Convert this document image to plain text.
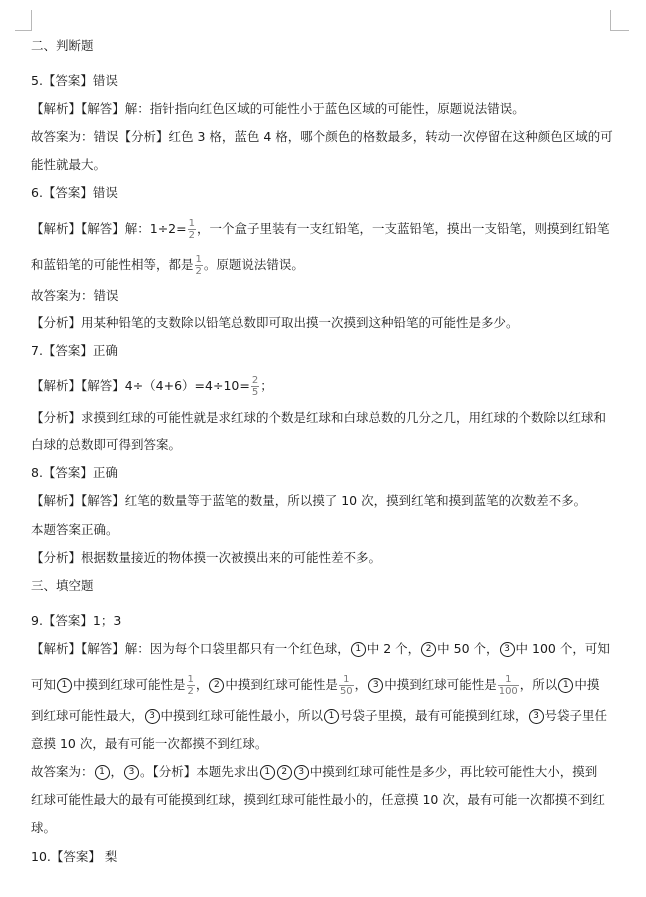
二、判断题
5.【答案】错误
【解析】【解答】解：指针指向红色区域的可能性小于蓝色区域的可能性，原题说法错误。
故答案为：错误【分析】红色 3 格，蓝色 4 格，哪个颜色的格数最多，转动一次停留在这种颜色区域的可
能性就最大。
6.【答案】错误
【解析】【解答】解：$1\div 2= \frac{1}{2}$ ，一个盒子里装有一支红铅笔，一支蓝铅笔，摸出一支铅笔，则摸到红铅笔
和蓝铅笔的可能性相等，都是 $\frac{1}{2}$ 。原题说法错误。
故答案为：错误
【分析】用某种铅笔的支数除以铅笔总数即可取出摸一次摸到这种铅笔的可能性是多少。
7.【答案】正确
【解析】【解答】$4\div(4+6)=4\div 10= \frac{2}{5}$ ；
【分析】求摸到红球的可能性就是求红球的个数是红球和白球总数的几分之几，用红球的个数除以红球和
白球的总数即可得到答案。
8.【答案】正确
【解析】【解答】红笔的数量等于蓝笔的数量，所以摸了 10 次，摸到红笔和摸到蓝笔的次数差不多。
本题答案正确。
【分析】根据数量接近的物体摸一次被摸出来的可能性差不多。
三、填空题
9.【答案】1；3
【解析】【解答】解：因为每个口袋里都只有一个红色球， 1 中 2 个， 2 中 50 个， 3 中 100 个，可知
可知 1 中摸到红球可能性是 $\frac{1}{2}$ ， 2 中摸到红球可能性是 $\frac{1}{50}$ ， 3 中摸到红球可能性是 $\frac{1}{100}$ ，所以 1 中摸
到红球可能性最大， 3 中摸到红球可能性最小，所以 1 号袋子里摸，最有可能摸到红球， 3 号袋子里任
意摸 10 次，最有可能一次都摸不到红球。
故答案为： 1 ， 3 。【分析】本题先求出 1 2 3 中摸到红球可能性是多少，再比较可能性大小，摸到
红球可能性最大的最有可能摸到红球，摸到红球可能性最小的，任意摸 10 次，最有可能一次都摸不到红
球。
10.【答案】 梨
